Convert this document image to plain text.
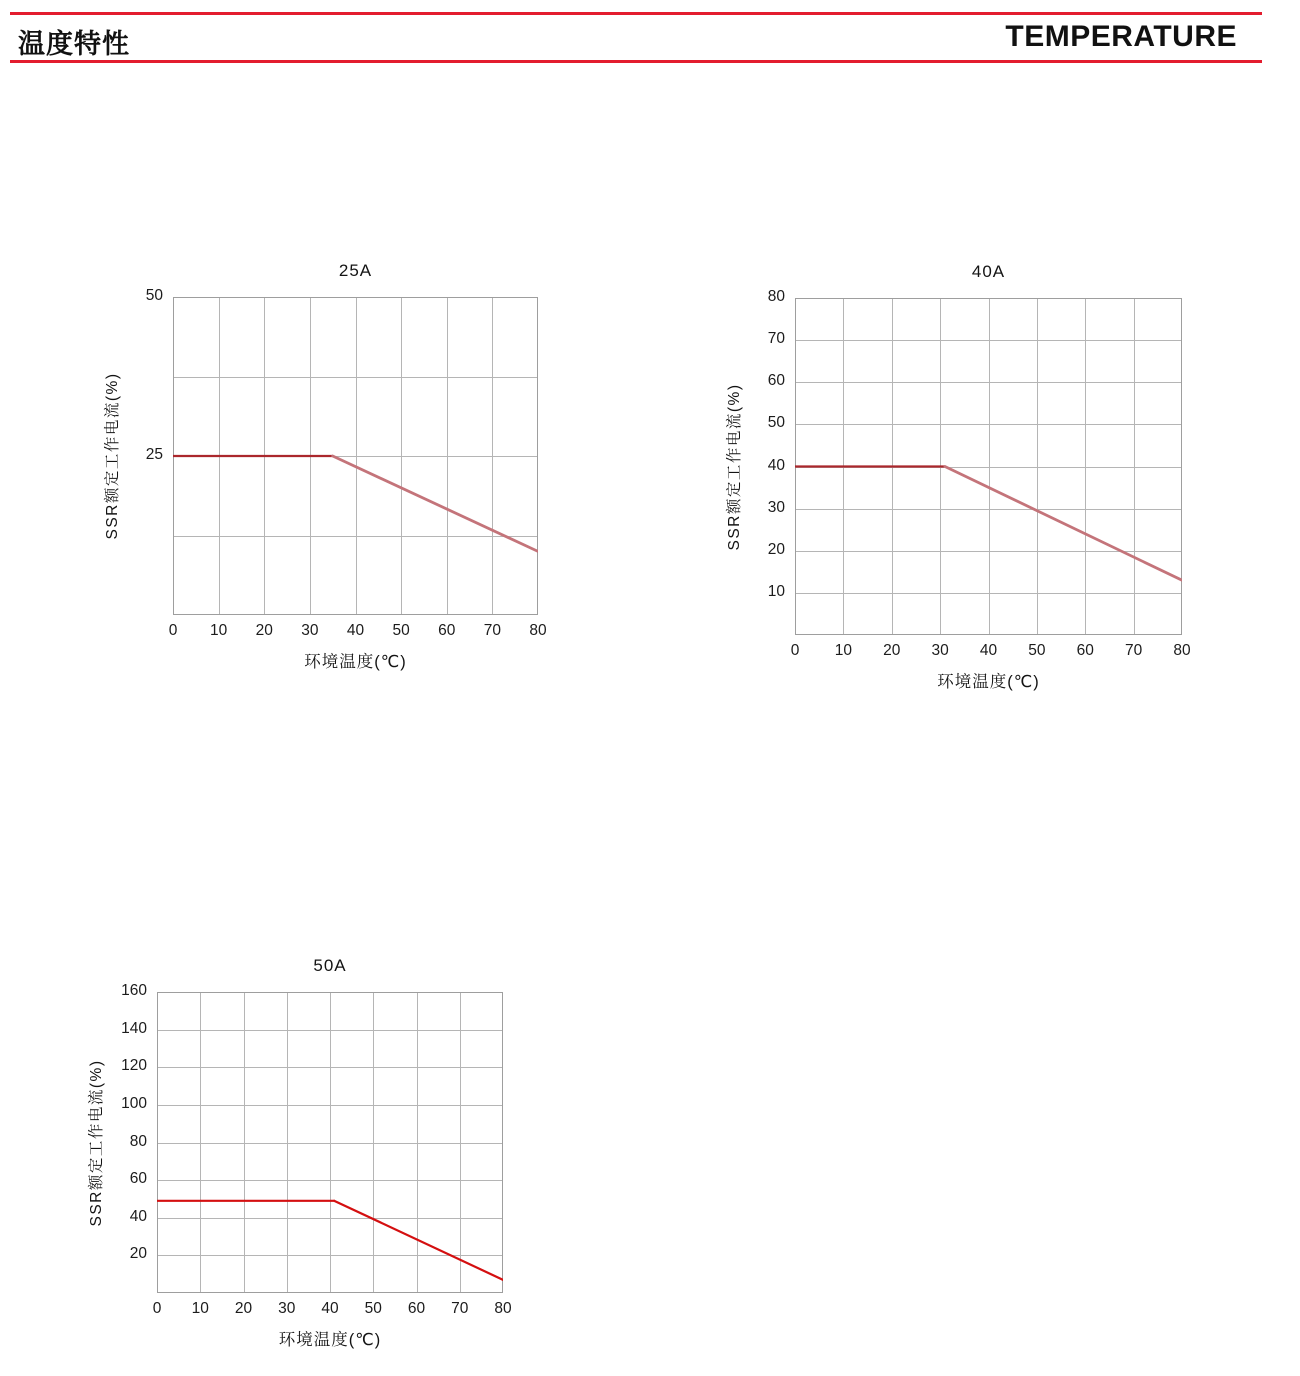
温度特性	TEMPERATURE
25A
SSR额定工作电流(%)
环境温度(℃)
0	10	20	30	40	50	60	70	80
50
25
40A
SSR额定工作电流(%)
环境温度(℃)
0	10	20	30	40	50	60	70	80
80
70
60
50
40
30
20
10
50A
SSR额定工作电流(%)
环境温度(℃)
0	10	20	30	40	50	60	70	80
160
140
120
100
80
60
40
20
